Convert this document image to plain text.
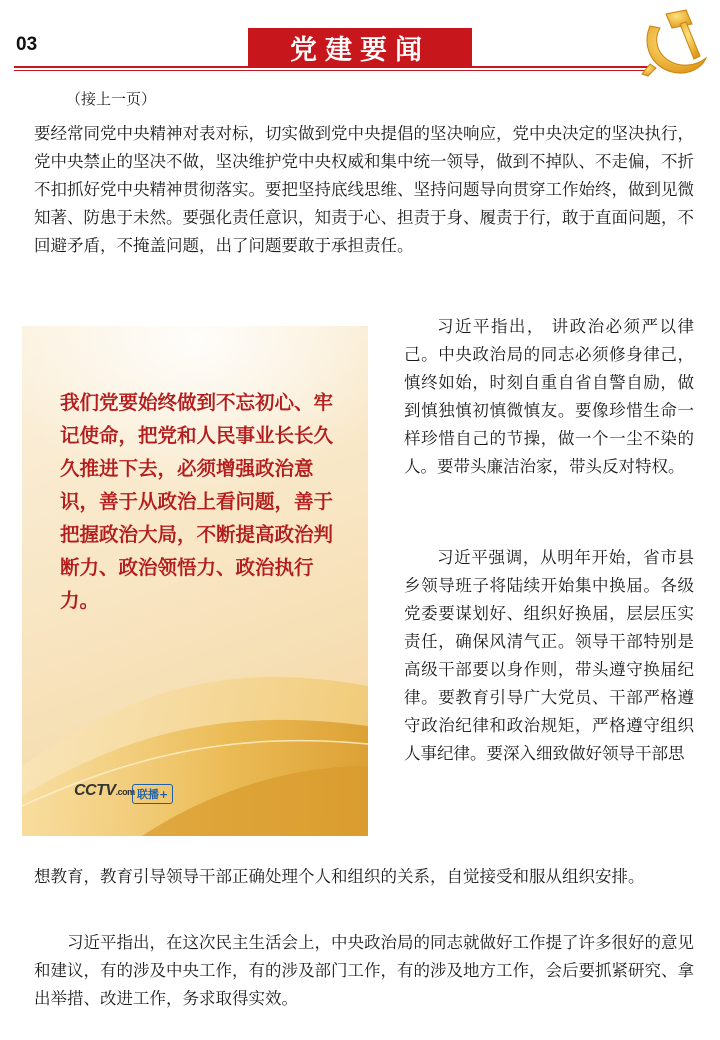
03	党建要闻
（接上一页）

要经常同党中央精神对表对标，切实做到党中央提倡的坚决响应，党中央决定的坚决执行，党中央禁止的坚决不做，坚决维护党中央权威和集中统一领导，做到不掉队、不走偏，不折不扣抓好党中央精神贯彻落实。要把坚持底线思维、坚持问题导向贯穿工作始终，做到见微知著、防患于未然。要强化责任意识，知责于心、担责于身、履责于行，敢于直面问题，不回避矛盾，不掩盖问题，出了问题要敢于承担责任。

我们党要始终做到不忘初心、牢记使命，把党和人民事业长长久久推进下去，必须增强政治意识，善于从政治上看问题，善于把握政治大局，不断提高政治判断力、政治领悟力、政治执行力。

CCTV.com 联播+

习近平指出， 讲政治必须严以律己。中央政治局的同志必须修身律己，慎终如始，时刻自重自省自警自励，做到慎独慎初慎微慎友。要像珍惜生命一样珍惜自己的节操，做一个一尘不染的人。要带头廉洁治家，带头反对特权。

习近平强调，从明年开始，省市县乡领导班子将陆续开始集中换届。各级党委要谋划好、组织好换届，层层压实责任，确保风清气正。领导干部特别是高级干部要以身作则，带头遵守换届纪律。要教育引导广大党员、干部严格遵守政治纪律和政治规矩，严格遵守组织人事纪律。要深入细致做好领导干部思

想教育，教育引导领导干部正确处理个人和组织的关系，自觉接受和服从组织安排。

习近平指出，在这次民主生活会上，中央政治局的同志就做好工作提了许多很好的意见和建议，有的涉及中央工作，有的涉及部门工作，有的涉及地方工作，会后要抓紧研究、拿出举措、改进工作，务求取得实效。
